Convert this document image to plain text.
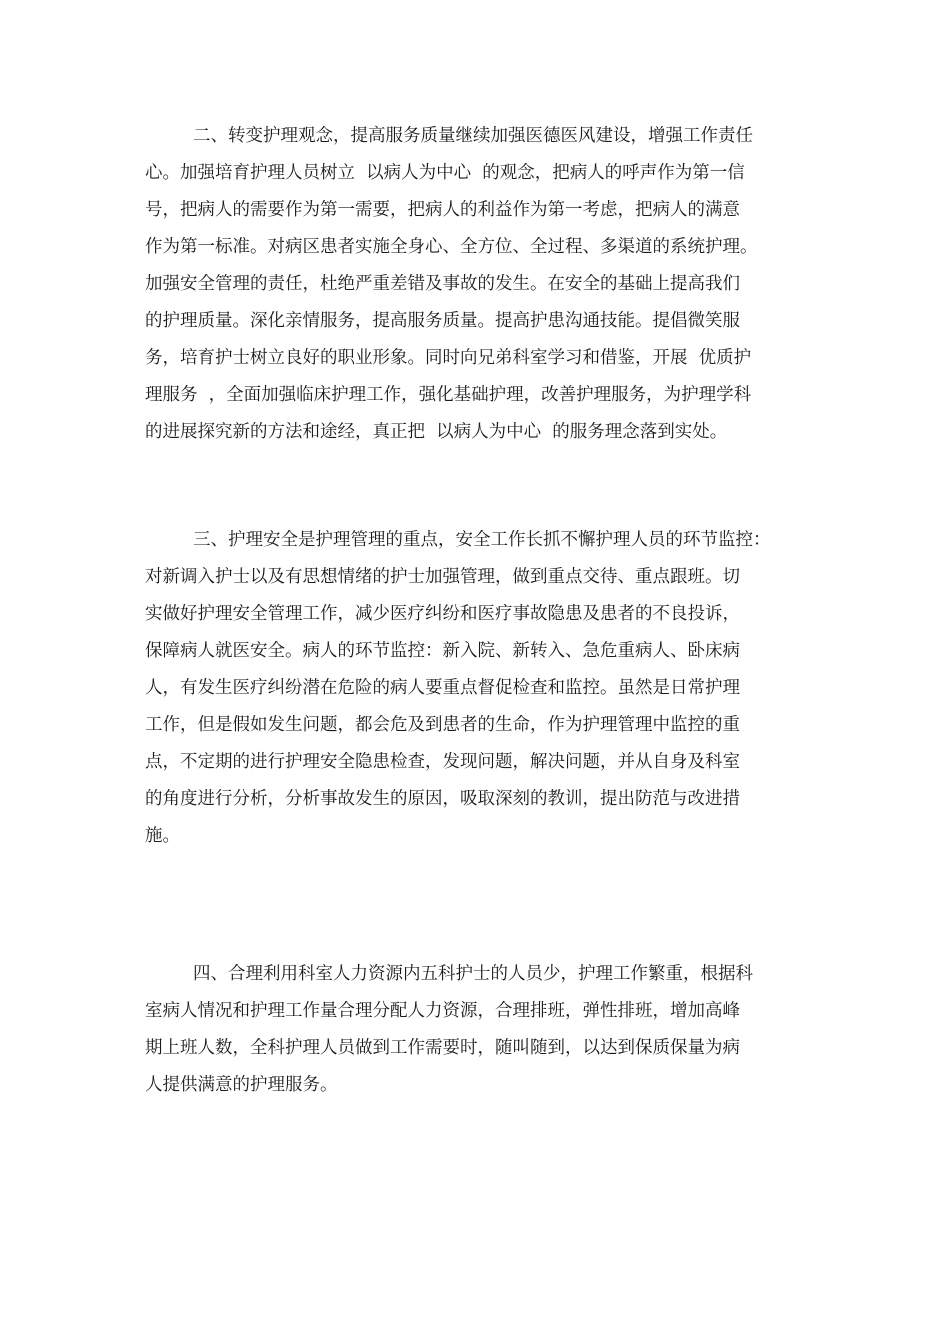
二、转变护理观念，提高服务质量继续加强医德医风建设，增强工作责任
心。加强培育护理人员树立  以病人为中心  的观念，把病人的呼声作为第一信
号，把病人的需要作为第一需要，把病人的利益作为第一考虑，把病人的满意
作为第一标准。对病区患者实施全身心、全方位、全过程、多渠道的系统护理。
加强安全管理的责任，杜绝严重差错及事故的发生。在安全的基础上提高我们
的护理质量。深化亲情服务，提高服务质量。提高护患沟通技能。提倡微笑服
务，培育护士树立良好的职业形象。同时向兄弟科室学习和借鉴，开展  优质护
理服务  ，全面加强临床护理工作，强化基础护理，改善护理服务，为护理学科
的进展探究新的方法和途经，真正把  以病人为中心  的服务理念落到实处。
三、护理安全是护理管理的重点，安全工作长抓不懈护理人员的环节监控：
对新调入护士以及有思想情绪的护士加强管理，做到重点交待、重点跟班。切
实做好护理安全管理工作，减少医疗纠纷和医疗事故隐患及患者的不良投诉，
保障病人就医安全。病人的环节监控：新入院、新转入、急危重病人、卧床病
人，有发生医疗纠纷潜在危险的病人要重点督促检查和监控。虽然是日常护理
工作，但是假如发生问题，都会危及到患者的生命，作为护理管理中监控的重
点，不定期的进行护理安全隐患检查，发现问题，解决问题，并从自身及科室
的角度进行分析，分析事故发生的原因，吸取深刻的教训，提出防范与改进措
施。
四、合理利用科室人力资源内五科护士的人员少，护理工作繁重，根据科
室病人情况和护理工作量合理分配人力资源，合理排班，弹性排班，增加高峰
期上班人数，全科护理人员做到工作需要时，随叫随到，以达到保质保量为病
人提供满意的护理服务。
